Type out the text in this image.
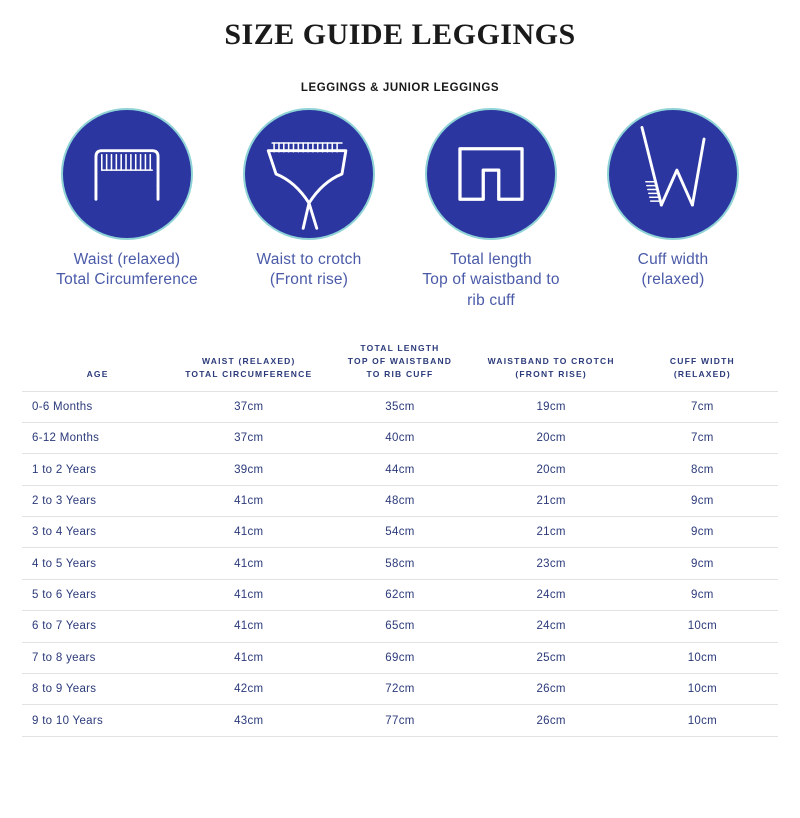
SIZE GUIDE LEGGINGS
LEGGINGS & JUNIOR LEGGINGS
Waist (relaxed)
Total Circumference
Waist to crotch
(Front rise)
Total length
Top of waistband to
rib cuff
Cuff width
(relaxed)
AGE

WAIST (RELAXED)
TOTAL CIRCUMFERENCE

TOTAL LENGTH
TOP OF WAISTBAND
TO RIB CUFF

WAISTBAND TO CROTCH
(FRONT RISE)

CUFF WIDTH
(RELAXED)

0-6 Months	37cm	35cm	19cm	7cm
6-12 Months	37cm	40cm	20cm	7cm
1 to 2 Years	39cm	44cm	20cm	8cm
2 to 3 Years	41cm	48cm	21cm	9cm
3 to 4 Years	41cm	54cm	21cm	9cm
4 to 5 Years	41cm	58cm	23cm	9cm
5 to 6 Years	41cm	62cm	24cm	9cm
6 to 7 Years	41cm	65cm	24cm	10cm
7 to 8 years	41cm	69cm	25cm	10cm
8 to 9 Years	42cm	72cm	26cm	10cm
9 to 10 Years	43cm	77cm	26cm	10cm
